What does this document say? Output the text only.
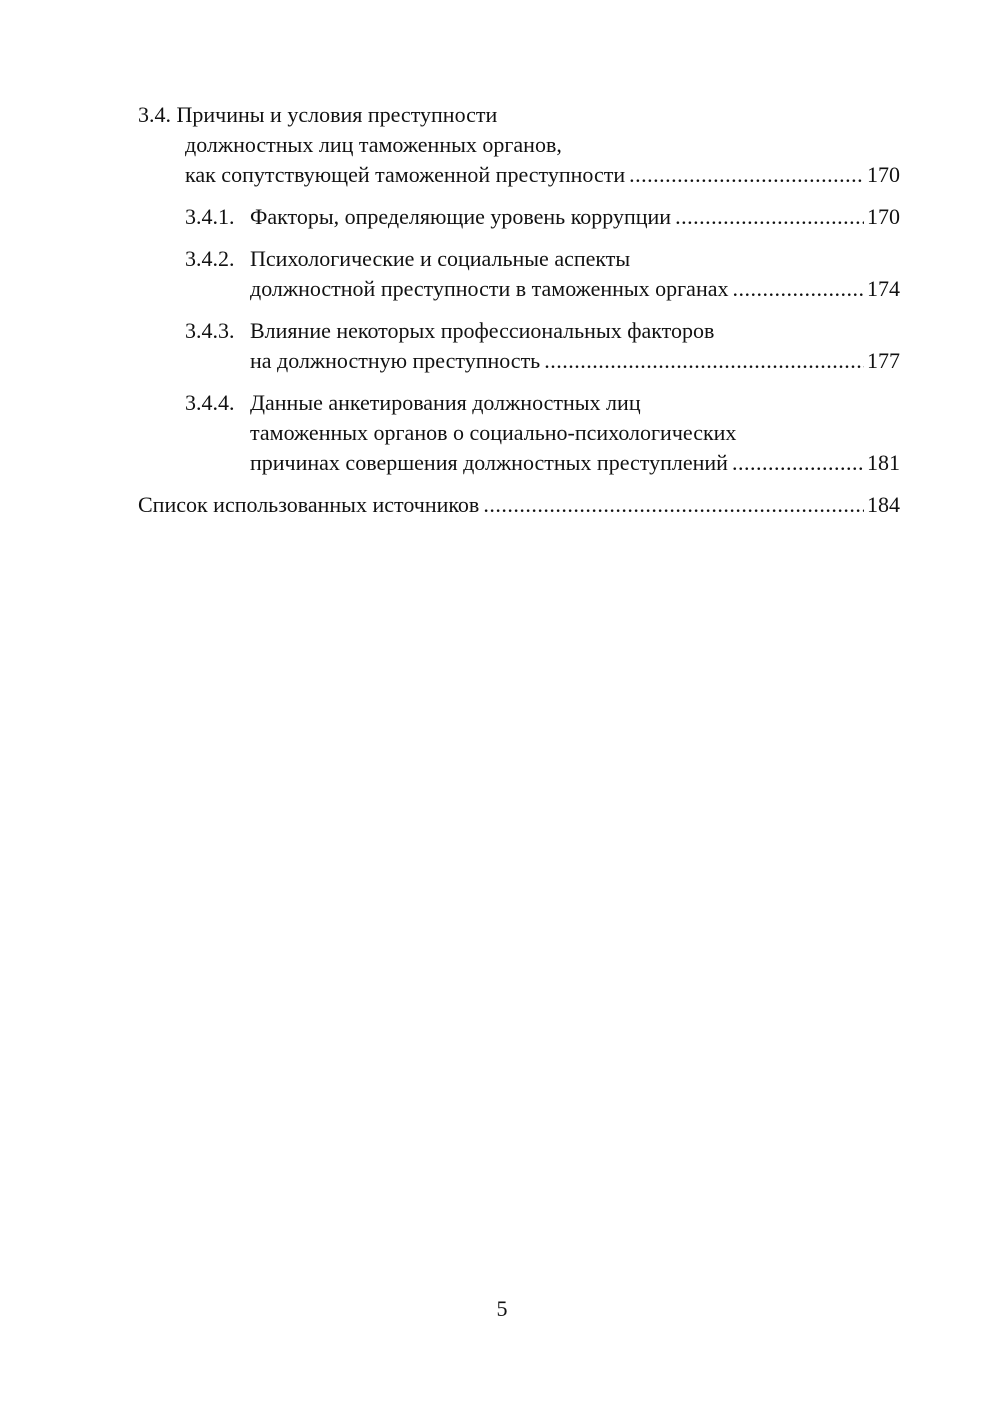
3.4. Причины и условия преступности
должностных лиц таможенных органов,
как сопутствующей таможенной преступности .....	170
3.4.1. Факторы, определяющие уровень коррупции .....	170
3.4.2. Психологические и социальные аспекты
должностной преступности в таможенных органах .....	174
3.4.3. Влияние некоторых профессиональных факторов
на должностную преступность .....	177
3.4.4. Данные анкетирования должностных лиц
таможенных органов о социально-психологических
причинах совершения должностных преступлений .....	181
Список использованных источников .....	184
5
